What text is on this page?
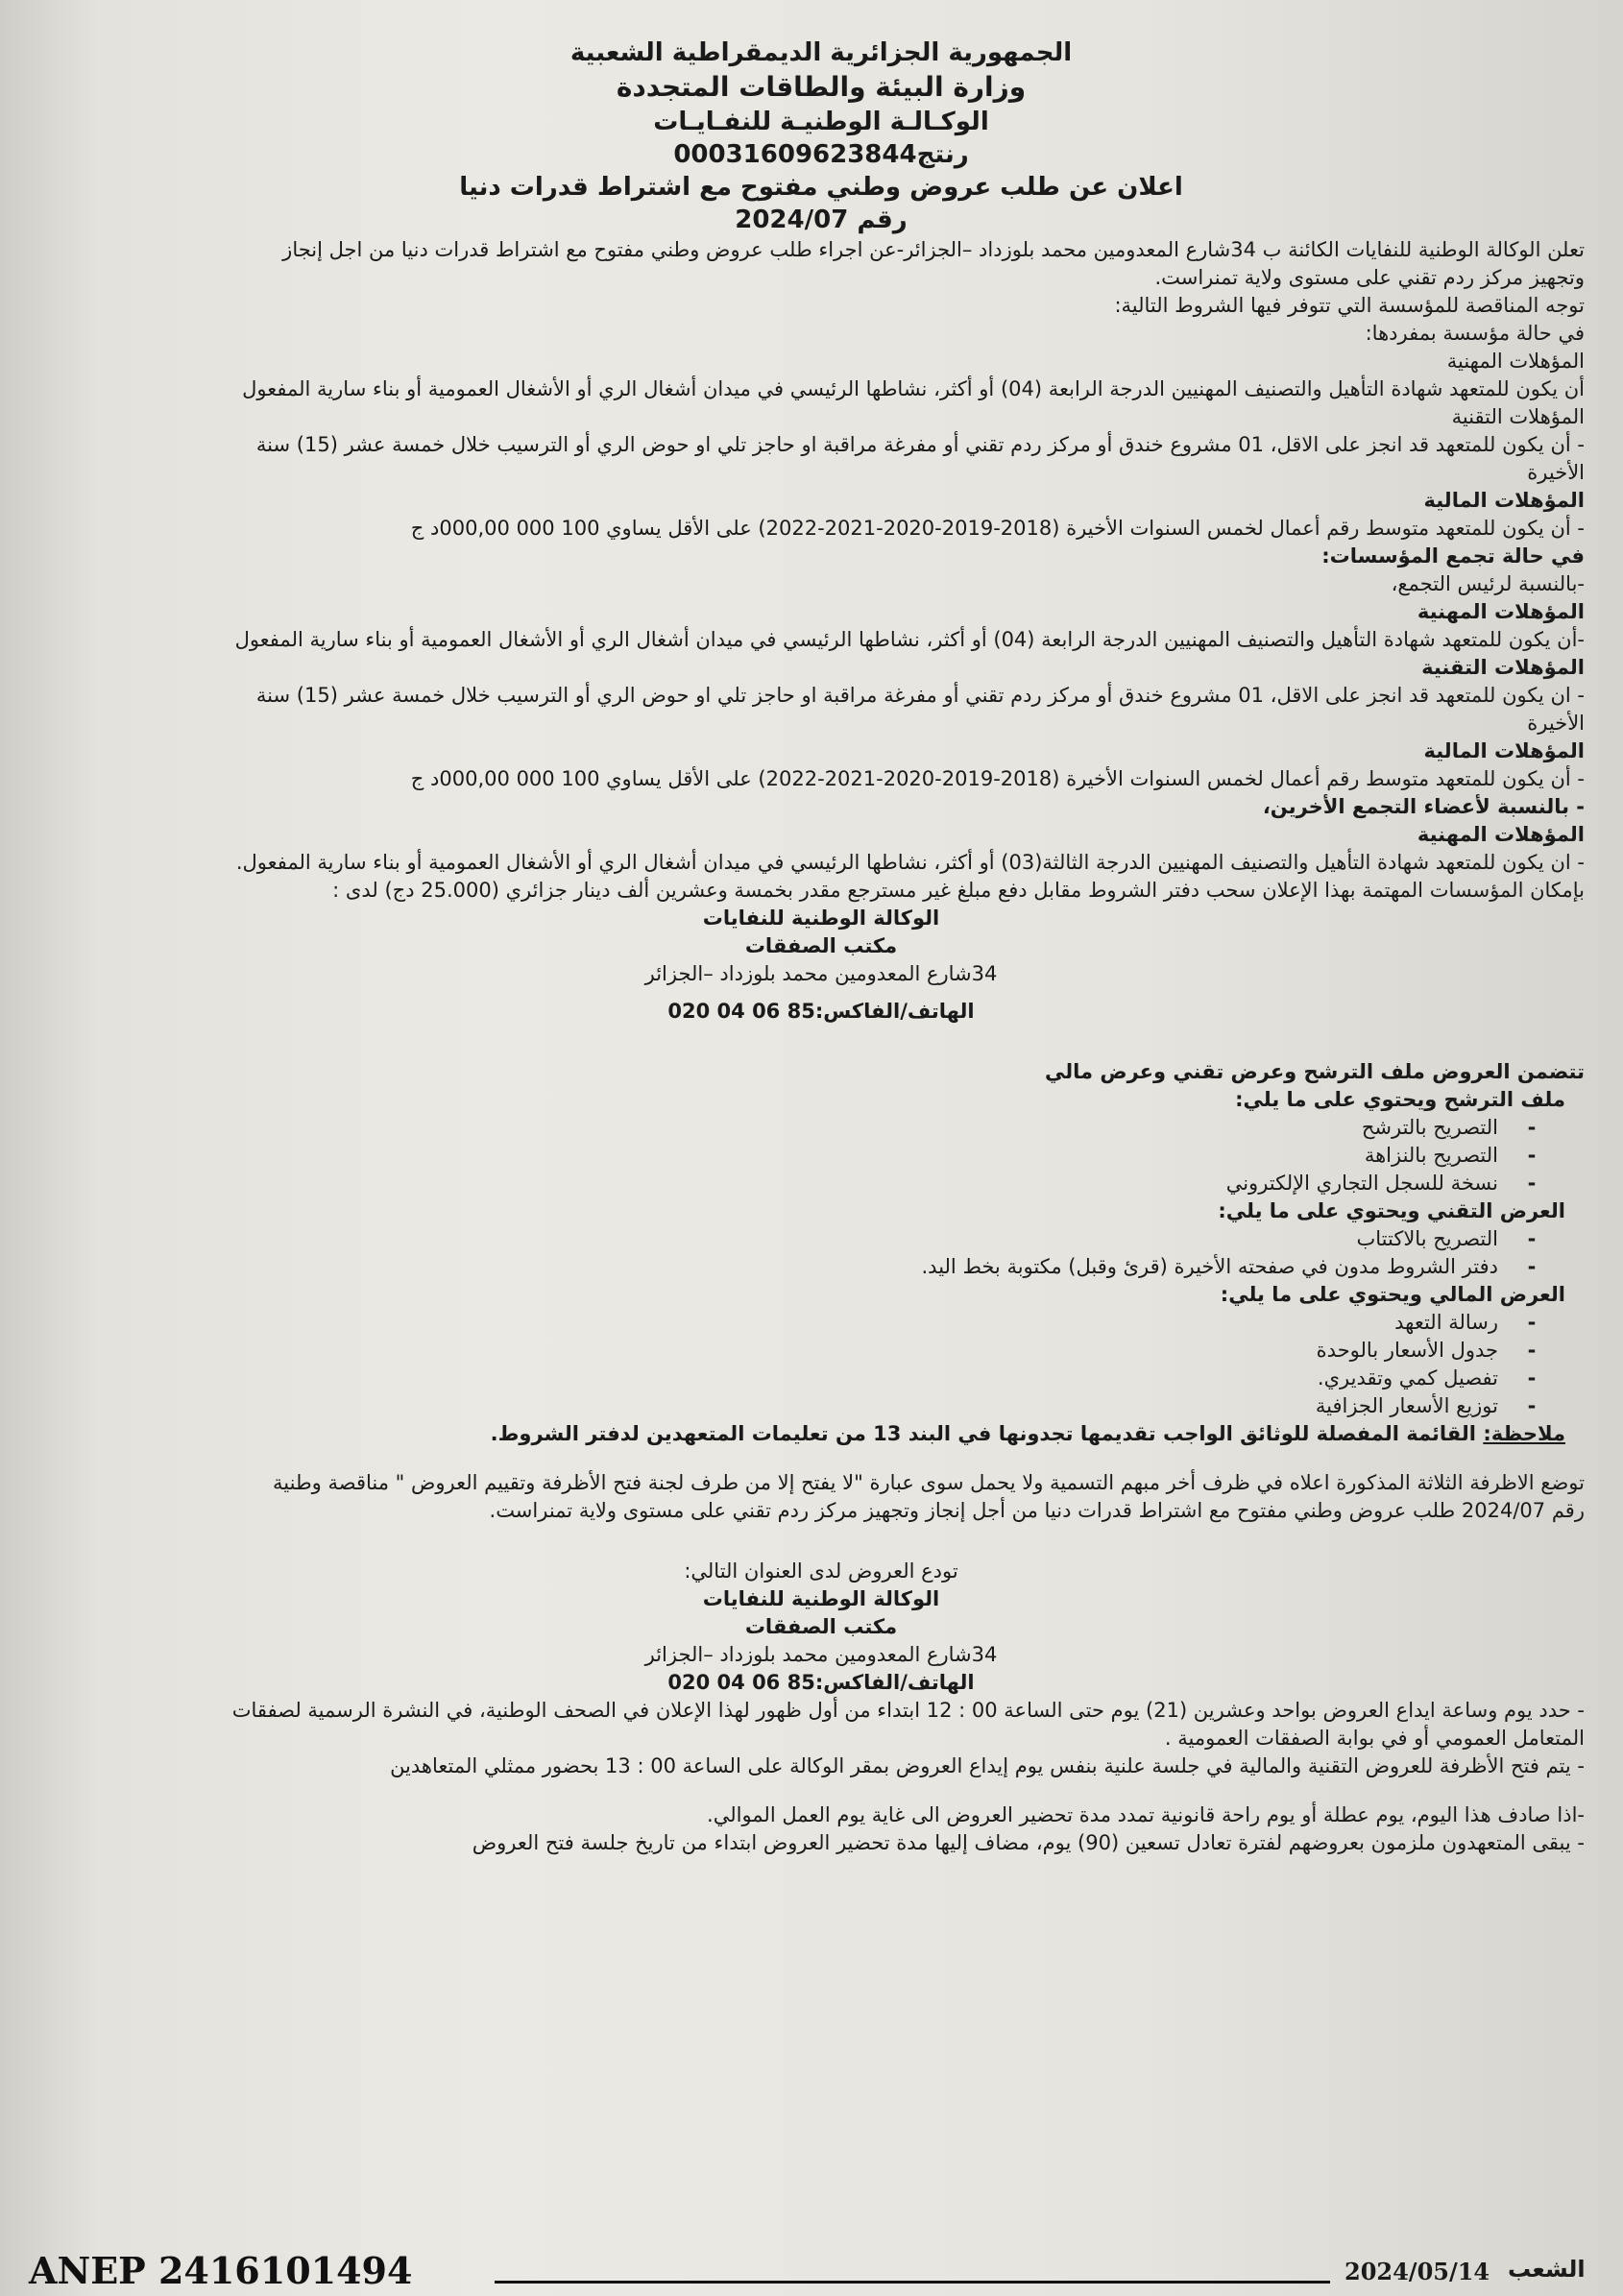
الجمهورية الجزائرية الديمقراطية الشعبية
وزارة البيئة والطاقات المتجددة
الوكـالـة الوطنيـة للنفـايـات
رنتج00031609623844
اعلان عن طلب عروض وطني مفتوح مع اشتراط قدرات دنيا
رقم 2024/07
تعلن الوكالة الوطنية للنفايات الكائنة ب 34شارع المعدومين محمد بلوزداد –الجزائر-عن اجراء طلب عروض وطني مفتوح مع اشتراط قدرات دنيا من اجل إنجاز
وتجهيز مركز ردم تقني على مستوى ولاية تمنراست.
توجه المناقصة للمؤسسة التي تتوفر فيها الشروط التالية:
في حالة مؤسسة بمفردها:
المؤهلات المهنية
أن يكون للمتعهد شهادة التأهيل والتصنيف المهنيين الدرجة الرابعة (04) أو أكثر، نشاطها الرئيسي في ميدان أشغال الري أو الأشغال العمومية أو بناء سارية المفعول
المؤهلات التقنية
- أن يكون للمتعهد قد انجز على الاقل، 01 مشروع خندق أو مركز ردم تقني أو مفرغة مراقبة او حاجز تلي او حوض الري أو الترسيب خلال خمسة عشر (15) سنة
الأخيرة
المؤهلات المالية
- أن يكون للمتعهد متوسط رقم أعمال لخمس السنوات الأخيرة (2018-2019-2020-2021-2022) على الأقل يساوي 100 000 000,00د ج
في حالة تجمع المؤسسات:
-بالنسبة لرئيس التجمع،
المؤهلات المهنية
-أن يكون للمتعهد شهادة التأهيل والتصنيف المهنيين الدرجة الرابعة (04) أو أكثر، نشاطها الرئيسي في ميدان أشغال الري أو الأشغال العمومية أو بناء سارية المفعول
المؤهلات التقنية
- ان يكون للمتعهد قد انجز على الاقل، 01 مشروع خندق أو مركز ردم تقني أو مفرغة مراقبة او حاجز تلي او حوض الري أو الترسيب خلال خمسة عشر (15) سنة
الأخيرة
المؤهلات المالية
- أن يكون للمتعهد متوسط رقم أعمال لخمس السنوات الأخيرة (2018-2019-2020-2021-2022) على الأقل يساوي 100 000 000,00د ج
- بالنسبة لأعضاء التجمع الأخرين،
المؤهلات المهنية
- ان يكون للمتعهد شهادة التأهيل والتصنيف المهنيين الدرجة الثالثة(03) أو أكثر، نشاطها الرئيسي في ميدان أشغال الري أو الأشغال العمومية أو بناء سارية المفعول.
بإمكان المؤسسات المهتمة بهذا الإعلان سحب دفتر الشروط مقابل دفع مبلغ غير مسترجع مقدر بخمسة وعشرين ألف دينار جزائري (25.000 دج) لدى :
الوكالة الوطنية للنفايات
مكتب الصفقات
34شارع المعدومين محمد بلوزداد –الجزائر
الهاتف/الفاكس:85 06 04 020
تتضمن العروض ملف الترشح وعرض تقني وعرض مالي
ملف الترشح ويحتوي على ما يلي:
-التصريح بالترشح
-التصريح بالنزاهة
-نسخة للسجل التجاري الإلكتروني
العرض التقني ويحتوي على ما يلي:
-التصريح بالاكتتاب
-دفتر الشروط مدون في صفحته الأخيرة (قرئ وقبل) مكتوبة بخط اليد.
العرض المالي ويحتوي على ما يلي:
-رسالة التعهد
-جدول الأسعار بالوحدة
-تفصيل كمي وتقديري.
-توزيع الأسعار الجزافية
ملاحظة: القائمة المفصلة للوثائق الواجب تقديمها تجدونها في البند 13 من تعليمات المتعهدين لدفتر الشروط.
توضع الاظرفة الثلاثة المذكورة اعلاه في ظرف أخر مبهم التسمية ولا يحمل سوى عبارة "لا يفتح إلا من طرف لجنة فتح الأظرفة وتقييم العروض " مناقصة وطنية
رقم 2024/07 طلب عروض وطني مفتوح مع اشتراط قدرات دنيا من أجل إنجاز وتجهيز مركز ردم تقني على مستوى ولاية تمنراست.
تودع العروض لدى العنوان التالي:
الوكالة الوطنية للنفايات
مكتب الصفقات
34شارع المعدومين محمد بلوزداد –الجزائر
الهاتف/الفاكس:85 06 04 020
- حدد يوم وساعة ايداع العروض بواحد وعشرين (21) يوم حتى الساعة 00 : 12 ابتداء من أول ظهور لهذا الإعلان في الصحف الوطنية، في النشرة الرسمية لصفقات
المتعامل العمومي أو في بوابة الصفقات العمومية .
- يتم فتح الأظرفة للعروض التقنية والمالية في جلسة علنية بنفس يوم إيداع العروض بمقر الوكالة على الساعة 00 : 13 بحضور ممثلي المتعاهدين
-اذا صادف هذا اليوم، يوم عطلة أو يوم راحة قانونية تمدد مدة تحضير العروض الى غاية يوم العمل الموالي.
- يبقى المتعهدون ملزمون بعروضهم لفترة تعادل تسعين (90) يوم، مضاف إليها مدة تحضير العروض ابتداء من تاريخ جلسة فتح العروض
ANEP 2416101494	2024/05/14 الشعب
